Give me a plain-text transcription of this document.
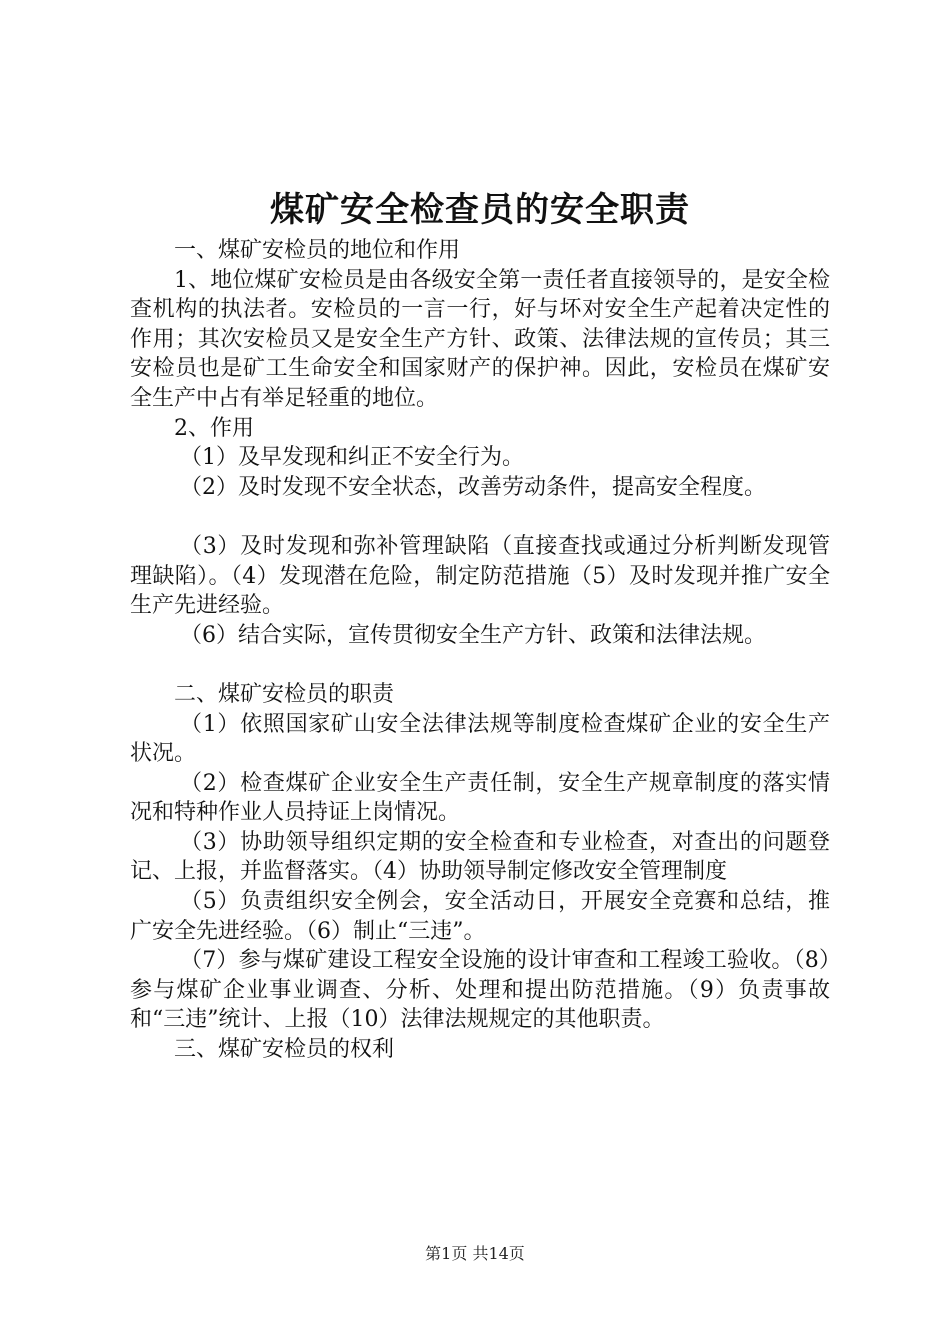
煤矿安全检查员的安全职责

一、煤矿安检员的地位和作用

1、地位煤矿安检员是由各级安全第一责任者直接领导的，是安全检查机构的执法者。安检员的一言一行，好与坏对安全生产起着决定性的作用；其次安检员又是安全生产方针、政策、法律法规的宣传员；其三安检员也是矿工生命安全和国家财产的保护神。因此，安检员在煤矿安全生产中占有举足轻重的地位。

2、作用

（1）及早发现和纠正不安全行为。

（2）及时发现不安全状态，改善劳动条件，提高安全程度。

（3）及时发现和弥补管理缺陷（直接查找或通过分析判断发现管理缺陷）。（4）发现潜在危险，制定防范措施（5）及时发现并推广安全生产先进经验。

（6）结合实际，宣传贯彻安全生产方针、政策和法律法规。

二、煤矿安检员的职责

（1）依照国家矿山安全法律法规等制度检查煤矿企业的安全生产状况。

（2）检查煤矿企业安全生产责任制，安全生产规章制度的落实情况和特种作业人员持证上岗情况。

（3）协助领导组织定期的安全检查和专业检查，对查出的问题登记、上报，并监督落实。（4）协助领导制定修改安全管理制度

（5）负责组织安全例会，安全活动日，开展安全竞赛和总结，推广安全先进经验。（6）制止“三违”。

（7）参与煤矿建设工程安全设施的设计审查和工程竣工验收。（8）参与煤矿企业事业调查、分析、处理和提出防范措施。（9）负责事故和“三违”统计、上报（10）法律法规规定的其他职责。

三、煤矿安检员的权利

第1页 共14页
